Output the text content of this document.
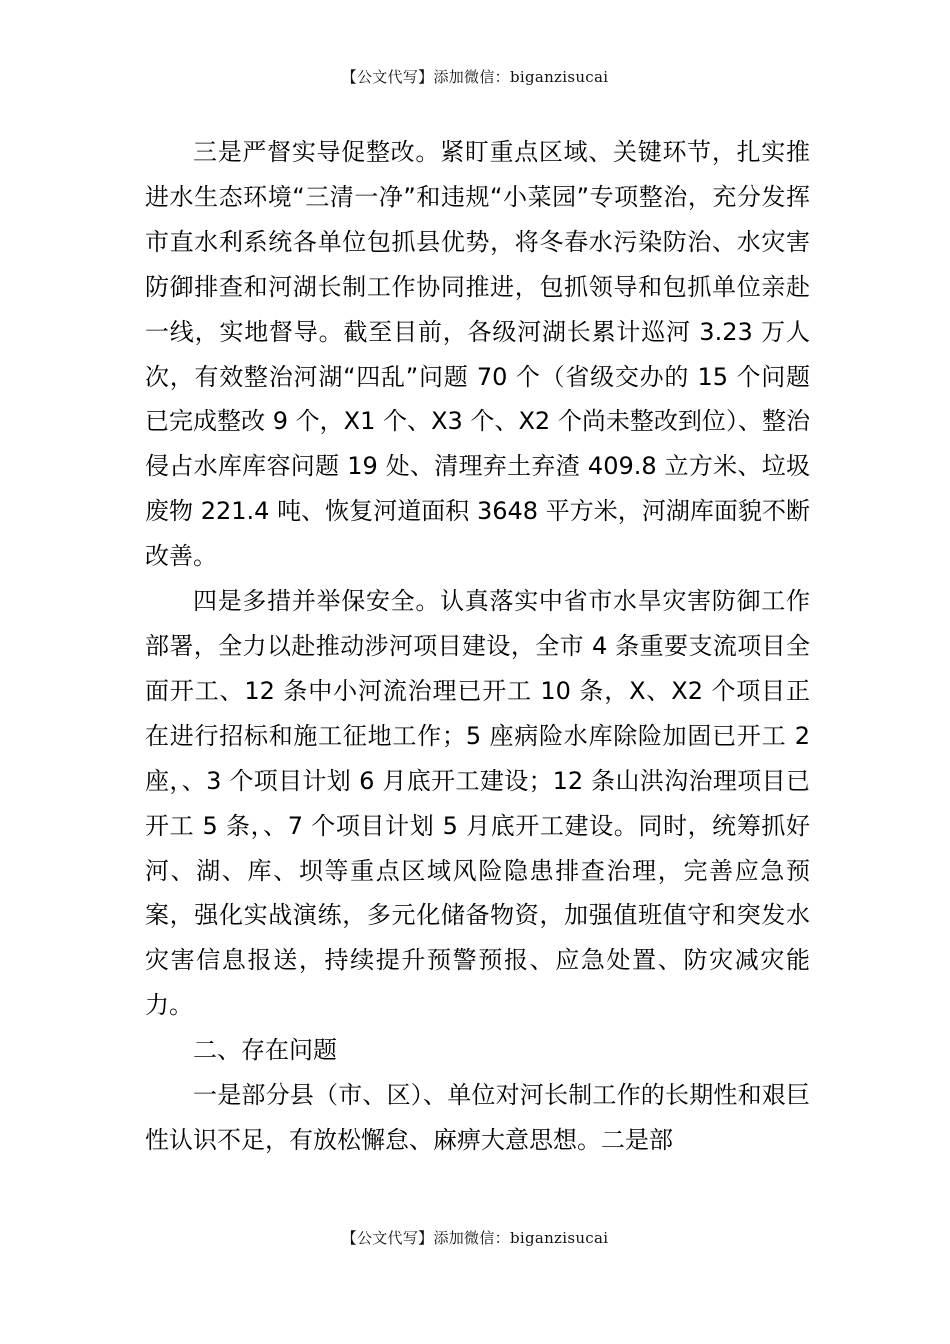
【公文代写】添加微信：biganzisucai

三是严督实导促整改。紧盯重点区域、关键环节，扎实推进水生态环境“三清一净”和违规“小菜园”专项整治，充分发挥市直水利系统各单位包抓县优势，将冬春水污染防治、水灾害防御排查和河湖长制工作协同推进，包抓领导和包抓单位亲赴一线，实地督导。截至目前，各级河湖长累计巡河 3.23 万人次，有效整治河湖“四乱”问题 70 个（省级交办的 15 个问题已完成整改 9 个，X1 个、X3 个、X2 个尚未整改到位）、整治侵占水库库容问题 19 处、清理弃土弃渣 409.8 立方米、垃圾废物 221.4 吨、恢复河道面积 3648 平方米，河湖库面貌不断改善。

四是多措并举保安全。认真落实中省市水旱灾害防御工作部署，全力以赴推动涉河项目建设，全市 4 条重要支流项目全面开工、12 条中小河流治理已开工 10 条，X、X2 个项目正在进行招标和施工征地工作；5 座病险水库除险加固已开工 2 座，、3 个项目计划 6 月底开工建设；12 条山洪沟治理项目已开工 5 条，、7 个项目计划 5 月底开工建设。同时，统筹抓好河、湖、库、坝等重点区域风险隐患排查治理，完善应急预案，强化实战演练，多元化储备物资，加强值班值守和突发水灾害信息报送，持续提升预警预报、应急处置、防灾减灾能力。

二、存在问题

一是部分县（市、区）、单位对河长制工作的长期性和艰巨性认识不足，有放松懈怠、麻痹大意思想。二是部

【公文代写】添加微信：biganzisucai
